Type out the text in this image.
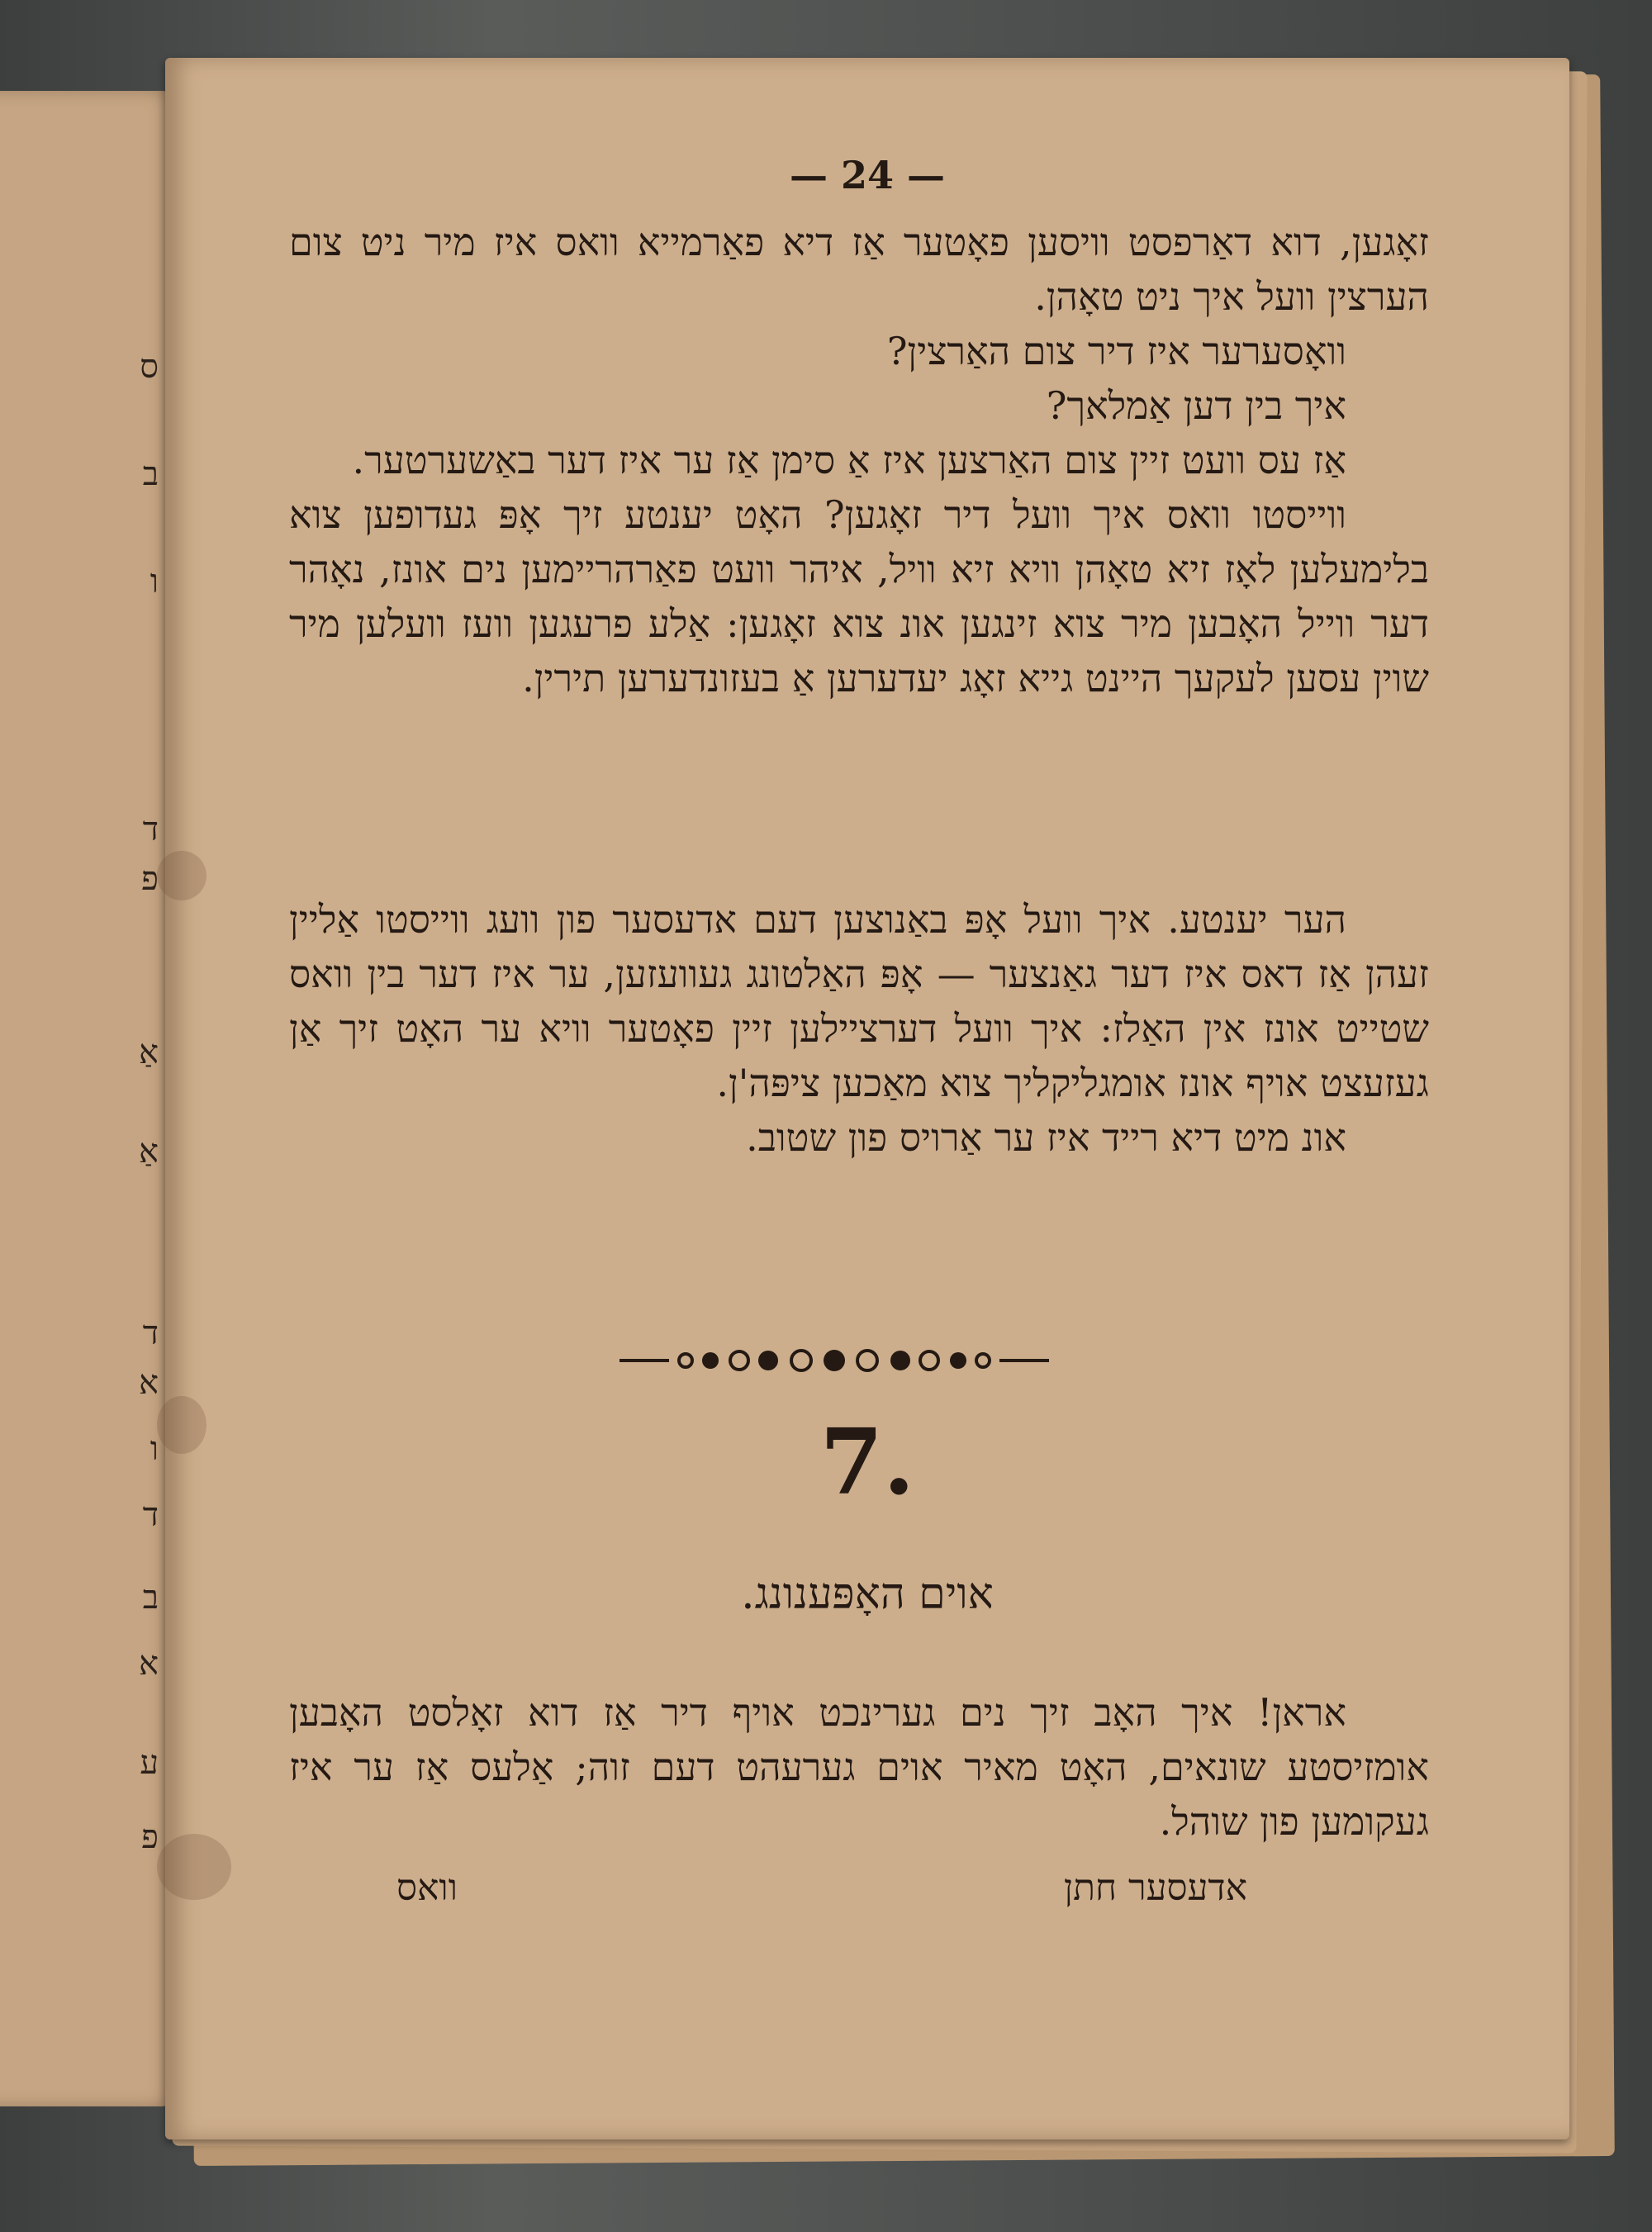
ס
ב
ו
ד
פ
אַ
אַ
ד
א
ו
ד
ב
א
ע
פ
— 24 —

זאָגען, דוא דאַרפסט וויסען פאָטער אַז דיא פאַרמייא וואס איז מיר ניט צום הערצין וועל איך ניט טאָהן.

וואָסערער איז דיר צום האַרצין?

איך בין דען אַמלאך?

אַז עס וועט זיין צום האַרצען איז אַ סימן אַז ער איז דער באַשערטער.

ווייסטו וואס איך וועל דיר זאָגען? האָט יענטע זיך אָפּ געדופען צוא בלימעלען לאָז זיא טאָהן וויא זיא וויל, איהר וועט פאַרהריימען נים אונז, נאָהר דער ווייל האָבען מיר צוא זינגען אונ צוא זאָגען: אַלע פרעגען וועז וועלען מיר שוין עסען לעקעך היינט גייא זאָג יעדערען אַ בעזונדערען תירין.

הער יענטע. איך וועל אָפּ באַנוצען דעם אדעסער פון וועג ווייסטו אַליין זעהן אַז דאס איז דער גאַנצער — אָפּ האַלטונג געוועזען, ער איז דער בין וואס שטייט אונז אין האַלז: איך וועל דערציילען זיין פאָטער וויא ער האָט זיך אַן געזעצט אויף אונז אומגליקליך צוא מאַכען ציפּה'ן.

אונ מיט דיא רייד איז ער אַרויס פון שטוב.

7.
אוים האָפּענונג.

אראן! איך האָב זיך נים גערינכט אויף דיר אַז דוא זאָלסט האָבען אומזיסטע שונאים, האָט מאיר אוים גערעהט דעם זוה; אַלעס אַז ער איז געקומען פון שוהל.

אדעסער חתן
וואס
